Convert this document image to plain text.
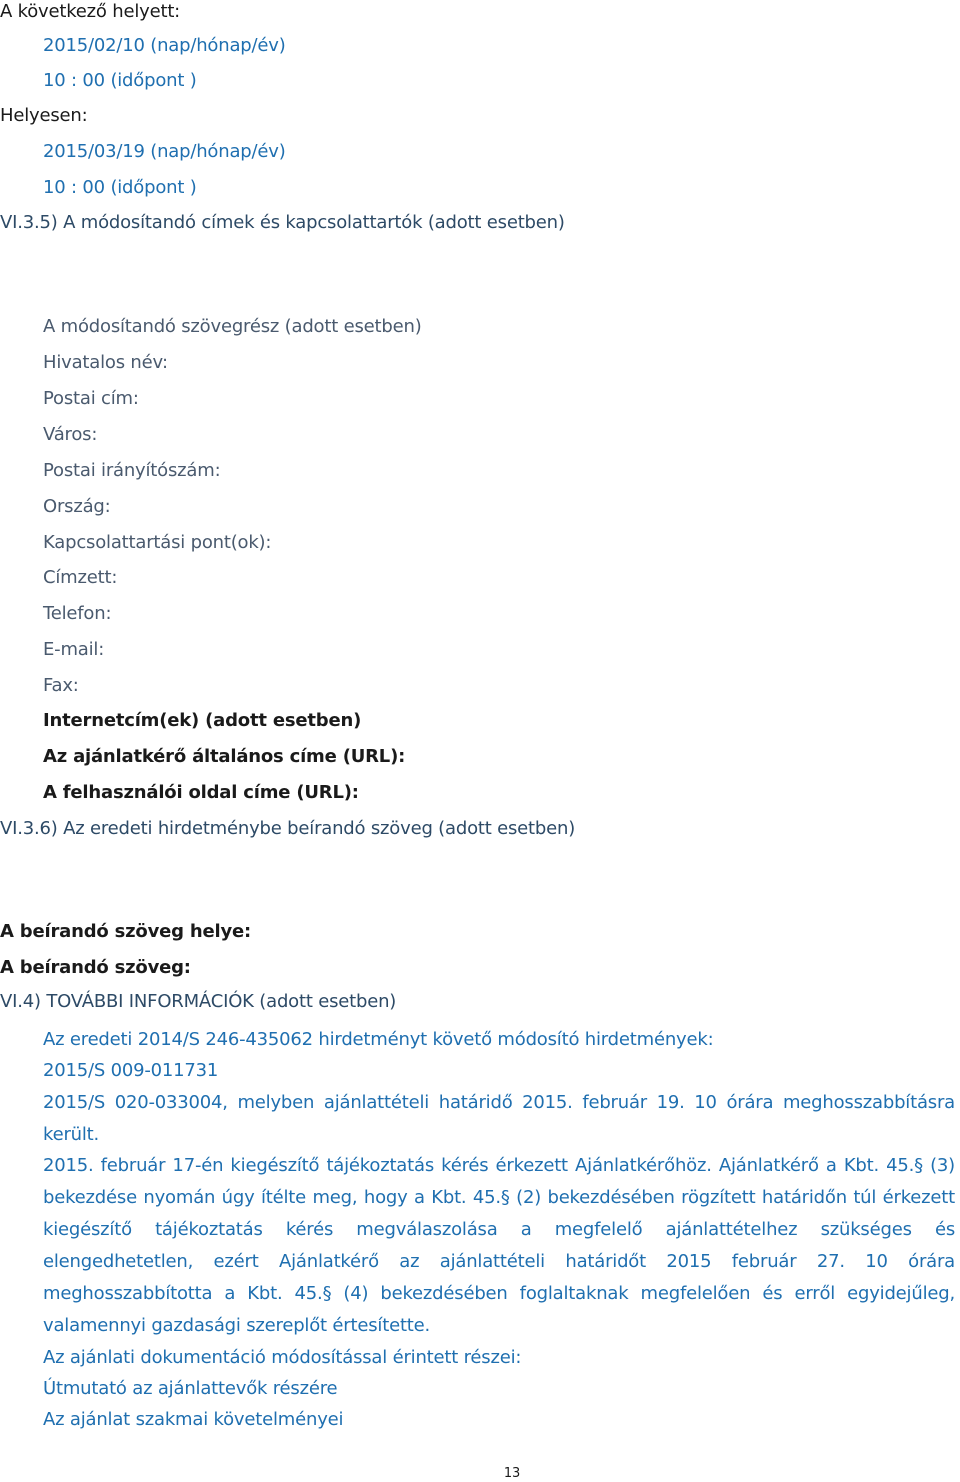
A következő helyett:
2015/02/10 (nap/hónap/év)
10 : 00 (időpont )
Helyesen:
2015/03/19 (nap/hónap/év)
10 : 00 (időpont )
VI.3.5) A módosítandó címek és kapcsolattartók (adott esetben)
A módosítandó szövegrész (adott esetben)
Hivatalos név:
Postai cím:
Város:
Postai irányítószám:
Ország:
Kapcsolattartási pont(ok):
Címzett:
Telefon:
E-mail:
Fax:
Internetcím(ek) (adott esetben)
Az ajánlatkérő általános címe (URL):
A felhasználói oldal címe (URL):
VI.3.6) Az eredeti hirdetménybe beírandó szöveg (adott esetben)
A beírandó szöveg helye:
A beírandó szöveg:
VI.4) TOVÁBBI INFORMÁCIÓK (adott esetben)
Az eredeti 2014/S 246-435062 hirdetményt követő módosító hirdetmények:
2015/S 009-011731
2015/S 020-033004, melyben ajánlattételi határidő 2015. február 19. 10 órára meghosszabbításra került.
2015. február 17-én kiegészítő tájékoztatás kérés érkezett Ajánlatkérőhöz. Ajánlatkérő a Kbt. 45.§ (3) bekezdése nyomán úgy ítélte meg, hogy a Kbt. 45.§ (2) bekezdésében rögzített határidőn túl érkezett kiegészítő tájékoztatás kérés megválaszolása a megfelelő ajánlattételhez szükséges és elengedhetetlen, ezért Ajánlatkérő az ajánlattételi határidőt 2015 február 27. 10 órára meghosszabbította a Kbt. 45.§ (4) bekezdésében foglaltaknak megfelelően és erről egyidejűleg, valamennyi gazdasági szereplőt értesítette.
Az ajánlati dokumentáció módosítással érintett részei:
Útmutató az ajánlattevők részére
Az ajánlat szakmai követelményei
13
